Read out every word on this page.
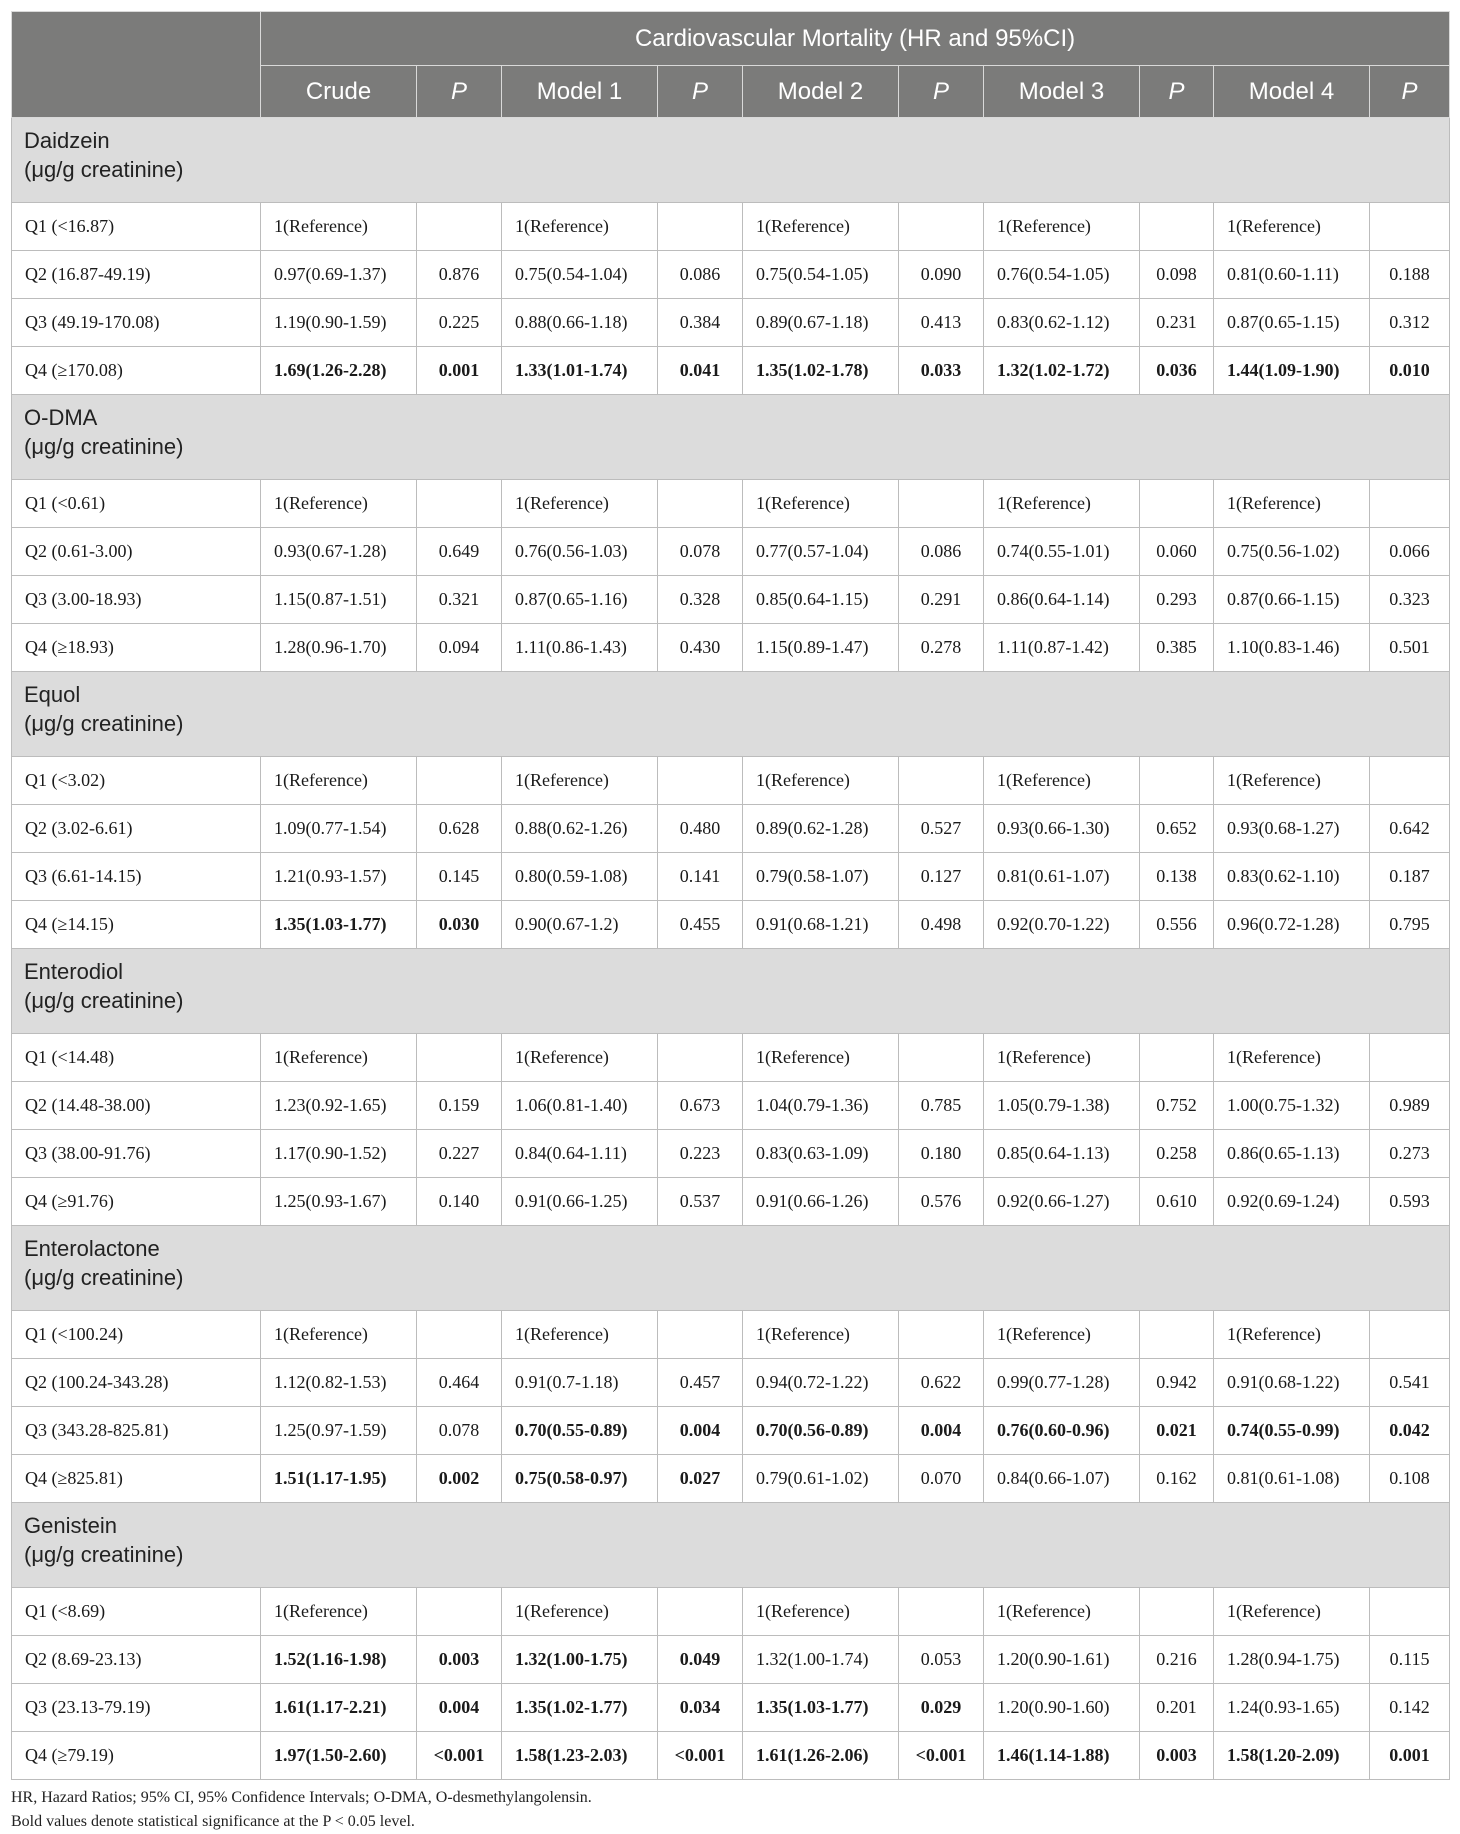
	Cardiovascular Mortality (HR and 95%CI)									
	Crude	P	Model 1	P	Model 2	P	Model 3	P	Model 4	P

Daidzein
(μg/g creatinine)										

Q1 (<16.87)	1(Reference)		1(Reference)		1(Reference)		1(Reference)		1(Reference)	
Q2 (16.87-49.19)	0.97(0.69-1.37)	0.876	0.75(0.54-1.04)	0.086	0.75(0.54-1.05)	0.090	0.76(0.54-1.05)	0.098	0.81(0.60-1.11)	0.188
Q3 (49.19-170.08)	1.19(0.90-1.59)	0.225	0.88(0.66-1.18)	0.384	0.89(0.67-1.18)	0.413	0.83(0.62-1.12)	0.231	0.87(0.65-1.15)	0.312
Q4 (≥170.08)	1.69(1.26-2.28)	0.001	1.33(1.01-1.74)	0.041	1.35(1.02-1.78)	0.033	1.32(1.02-1.72)	0.036	1.44(1.09-1.90)	0.010

O-DMA
(μg/g creatinine)										

Q1 (<0.61)	1(Reference)		1(Reference)		1(Reference)		1(Reference)		1(Reference)	
Q2 (0.61-3.00)	0.93(0.67-1.28)	0.649	0.76(0.56-1.03)	0.078	0.77(0.57-1.04)	0.086	0.74(0.55-1.01)	0.060	0.75(0.56-1.02)	0.066
Q3 (3.00-18.93)	1.15(0.87-1.51)	0.321	0.87(0.65-1.16)	0.328	0.85(0.64-1.15)	0.291	0.86(0.64-1.14)	0.293	0.87(0.66-1.15)	0.323
Q4 (≥18.93)	1.28(0.96-1.70)	0.094	1.11(0.86-1.43)	0.430	1.15(0.89-1.47)	0.278	1.11(0.87-1.42)	0.385	1.10(0.83-1.46)	0.501

Equol
(μg/g creatinine)										

Q1 (<3.02)	1(Reference)		1(Reference)		1(Reference)		1(Reference)		1(Reference)	
Q2 (3.02-6.61)	1.09(0.77-1.54)	0.628	0.88(0.62-1.26)	0.480	0.89(0.62-1.28)	0.527	0.93(0.66-1.30)	0.652	0.93(0.68-1.27)	0.642
Q3 (6.61-14.15)	1.21(0.93-1.57)	0.145	0.80(0.59-1.08)	0.141	0.79(0.58-1.07)	0.127	0.81(0.61-1.07)	0.138	0.83(0.62-1.10)	0.187
Q4 (≥14.15)	1.35(1.03-1.77)	0.030	0.90(0.67-1.2)	0.455	0.91(0.68-1.21)	0.498	0.92(0.70-1.22)	0.556	0.96(0.72-1.28)	0.795

Enterodiol
(μg/g creatinine)										

Q1 (<14.48)	1(Reference)		1(Reference)		1(Reference)		1(Reference)		1(Reference)	
Q2 (14.48-38.00)	1.23(0.92-1.65)	0.159	1.06(0.81-1.40)	0.673	1.04(0.79-1.36)	0.785	1.05(0.79-1.38)	0.752	1.00(0.75-1.32)	0.989
Q3 (38.00-91.76)	1.17(0.90-1.52)	0.227	0.84(0.64-1.11)	0.223	0.83(0.63-1.09)	0.180	0.85(0.64-1.13)	0.258	0.86(0.65-1.13)	0.273
Q4 (≥91.76)	1.25(0.93-1.67)	0.140	0.91(0.66-1.25)	0.537	0.91(0.66-1.26)	0.576	0.92(0.66-1.27)	0.610	0.92(0.69-1.24)	0.593

Enterolactone
(μg/g creatinine)										

Q1 (<100.24)	1(Reference)		1(Reference)		1(Reference)		1(Reference)		1(Reference)	
Q2 (100.24-343.28)	1.12(0.82-1.53)	0.464	0.91(0.7-1.18)	0.457	0.94(0.72-1.22)	0.622	0.99(0.77-1.28)	0.942	0.91(0.68-1.22)	0.541
Q3 (343.28-825.81)	1.25(0.97-1.59)	0.078	0.70(0.55-0.89)	0.004	0.70(0.56-0.89)	0.004	0.76(0.60-0.96)	0.021	0.74(0.55-0.99)	0.042
Q4 (≥825.81)	1.51(1.17-1.95)	0.002	0.75(0.58-0.97)	0.027	0.79(0.61-1.02)	0.070	0.84(0.66-1.07)	0.162	0.81(0.61-1.08)	0.108

Genistein
(μg/g creatinine)										

Q1 (<8.69)	1(Reference)		1(Reference)		1(Reference)		1(Reference)		1(Reference)	
Q2 (8.69-23.13)	1.52(1.16-1.98)	0.003	1.32(1.00-1.75)	0.049	1.32(1.00-1.74)	0.053	1.20(0.90-1.61)	0.216	1.28(0.94-1.75)	0.115
Q3 (23.13-79.19)	1.61(1.17-2.21)	0.004	1.35(1.02-1.77)	0.034	1.35(1.03-1.77)	0.029	1.20(0.90-1.60)	0.201	1.24(0.93-1.65)	0.142
Q4 (≥79.19)	1.97(1.50-2.60)	<0.001	1.58(1.23-2.03)	<0.001	1.61(1.26-2.06)	<0.001	1.46(1.14-1.88)	0.003	1.58(1.20-2.09)	0.001
HR, Hazard Ratios; 95% CI, 95% Confidence Intervals; O-DMA, O-desmethylangolensin.
Bold values denote statistical significance at the P < 0.05 level.
